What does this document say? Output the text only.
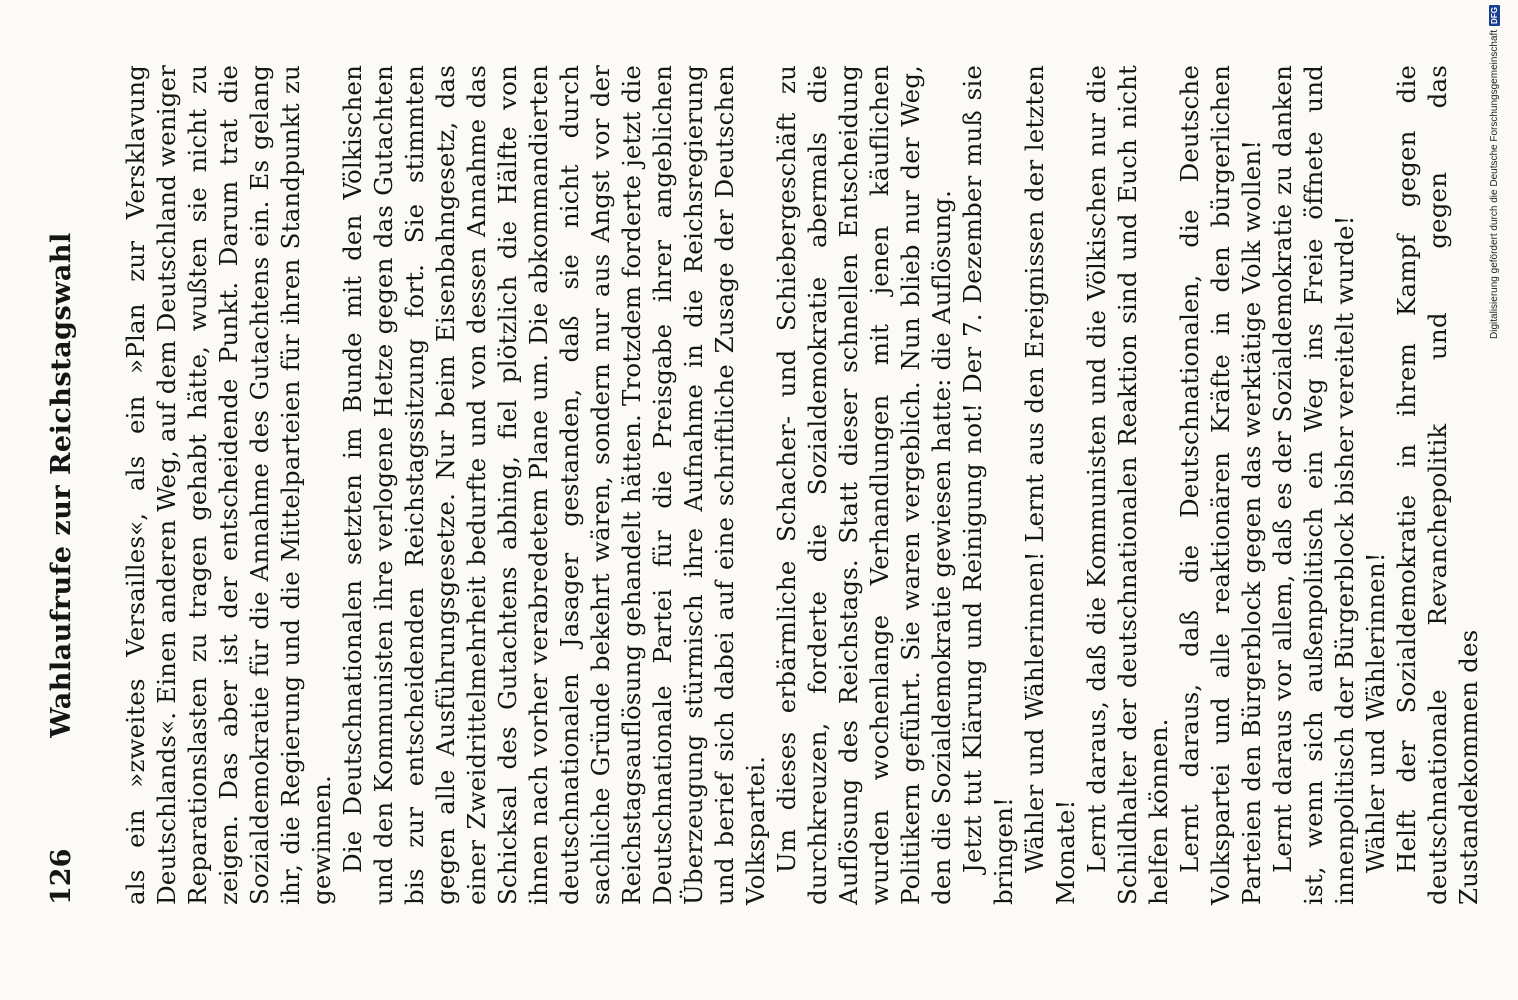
126
Wahlaufrufe zur Reichstagswahl als ein »zweites Versailles«, als ein »Plan zur Versklavung Deutschlands«. Einen anderen Weg, auf dem Deutschland weniger Reparationslasten zu tragen gehabt hätte, wußten sie nicht zu zeigen. Das aber ist der entscheidende Punkt. Darum trat die Sozialdemokratie für die Annahme des Gutachtens ein. Es gelang ihr, die Regierung und die Mittelparteien für ihren Standpunkt zu gewinnen. Die Deutschnationalen setzten im Bunde mit den Völkischen und den Kommunisten ihre verlogene Hetze gegen das Gutachten bis zur entscheidenden Reichstagssitzung fort. Sie stimmten gegen alle Ausführungsgesetze. Nur beim Eisenbahngesetz, das einer Zweidrittelmehrheit bedurfte und von dessen Annahme das Schicksal des Gutachtens abhing, fiel plötzlich die Hälfte von ihnen nach vorher verabredetem Plane um. Die abkommandierten deutschnationalen Jasager gestanden, daß sie nicht durch sachliche Gründe bekehrt wären, sondern nur aus Angst vor der Reichstagsauflösung gehandelt hätten. Trotzdem forderte jetzt die Deutschnationale Partei für die Preisgabe ihrer angeblichen Überzeugung stürmisch ihre Aufnahme in die Reichsregierung und berief sich dabei auf eine schriftliche Zusage der Deutschen Volkspartei. Um dieses erbärmliche Schacher- und Schiebergeschäft zu durchkreuzen, forderte die Sozialdemokratie abermals die Auflösung des Reichstags. Statt dieser schnellen Entscheidung wurden wochenlange Verhandlungen mit jenen käuflichen Politikern geführt. Sie waren vergeblich. Nun blieb nur der Weg, den die Sozialdemokratie gewiesen hatte: die Auflösung. Jetzt tut Klärung und Reinigung not! Der 7. Dezember muß sie bringen! Wähler und Wählerinnen! Lernt aus den Ereignissen der letzten Monate! Lernt daraus, daß die Kommunisten und die Völkischen nur die Schildhalter der deutschnationalen Reaktion sind und Euch nicht helfen können. Lernt daraus, daß die Deutschnationalen, die Deutsche Volkspartei und alle reaktionären Kräfte in den bürgerlichen Parteien den Bürgerblock gegen das werktätige Volk wollen! Lernt daraus vor allem, daß es der Sozialdemokratie zu danken ist, wenn sich außenpolitisch ein Weg ins Freie öffnete und innenpolitisch der Bürgerblock bisher vereitelt wurde! Wähler und Wählerinnen! Helft der Sozialdemokratie in ihrem Kampf gegen die deutschnationale Revanchepolitik und gegen das Zustandekommen des

Digitalisierung gefördert durch die Deutsche Forschungsgemeinschaft
DFG
